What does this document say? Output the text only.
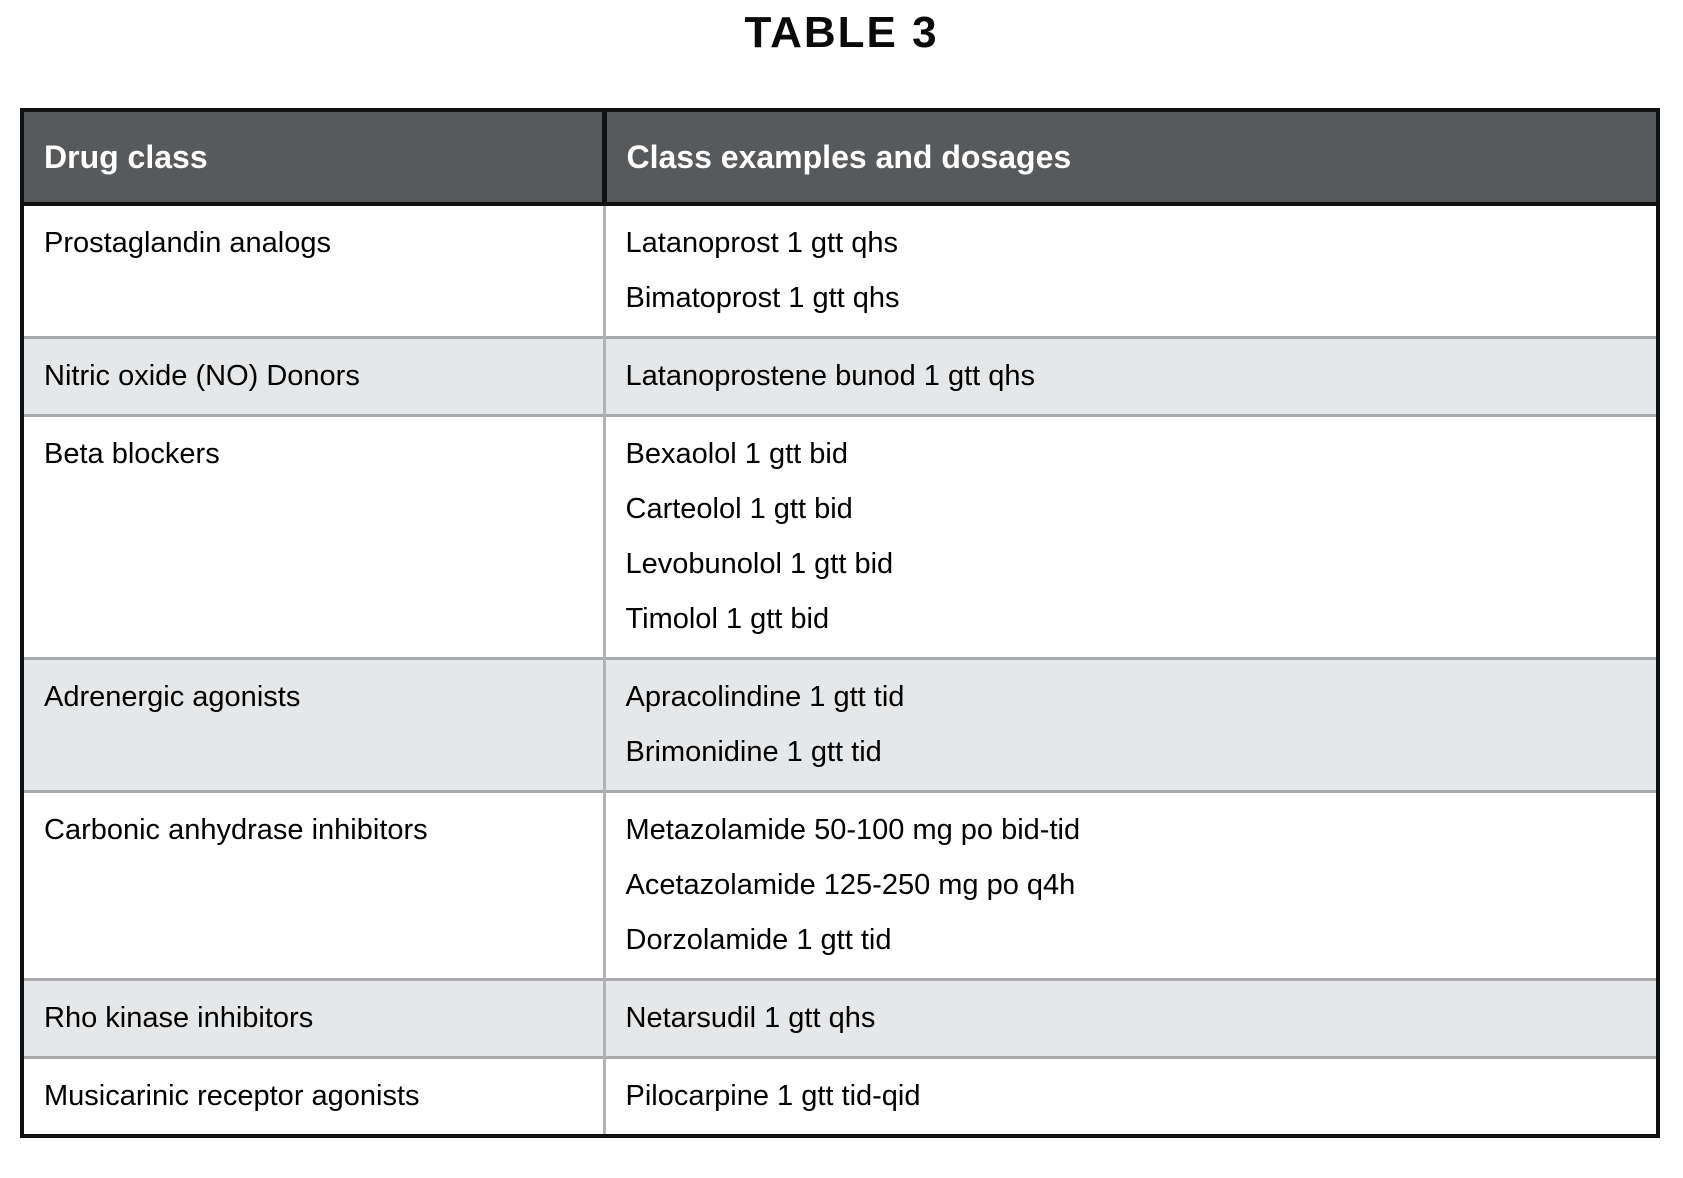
TABLE 3
Drug class	Class examples and dosages
Prostaglandin analogs	Latanoprost 1 gtt qhs
Bimatoprost 1 gtt qhs

Nitric oxide (NO) Donors	Latanoprostene bunod 1 gtt qhs

Beta blockers	Bexaolol 1 gtt bid
Carteolol 1 gtt bid
Levobunolol 1 gtt bid
Timolol 1 gtt bid

Adrenergic agonists	Apracolindine 1 gtt tid
Brimonidine 1 gtt tid

Carbonic anhydrase inhibitors	Metazolamide 50-100 mg po bid-tid
Acetazolamide 125-250 mg po q4h
Dorzolamide 1 gtt tid

Rho kinase inhibitors	Netarsudil 1 gtt qhs

Musicarinic receptor agonists	Pilocarpine 1 gtt tid-qid
